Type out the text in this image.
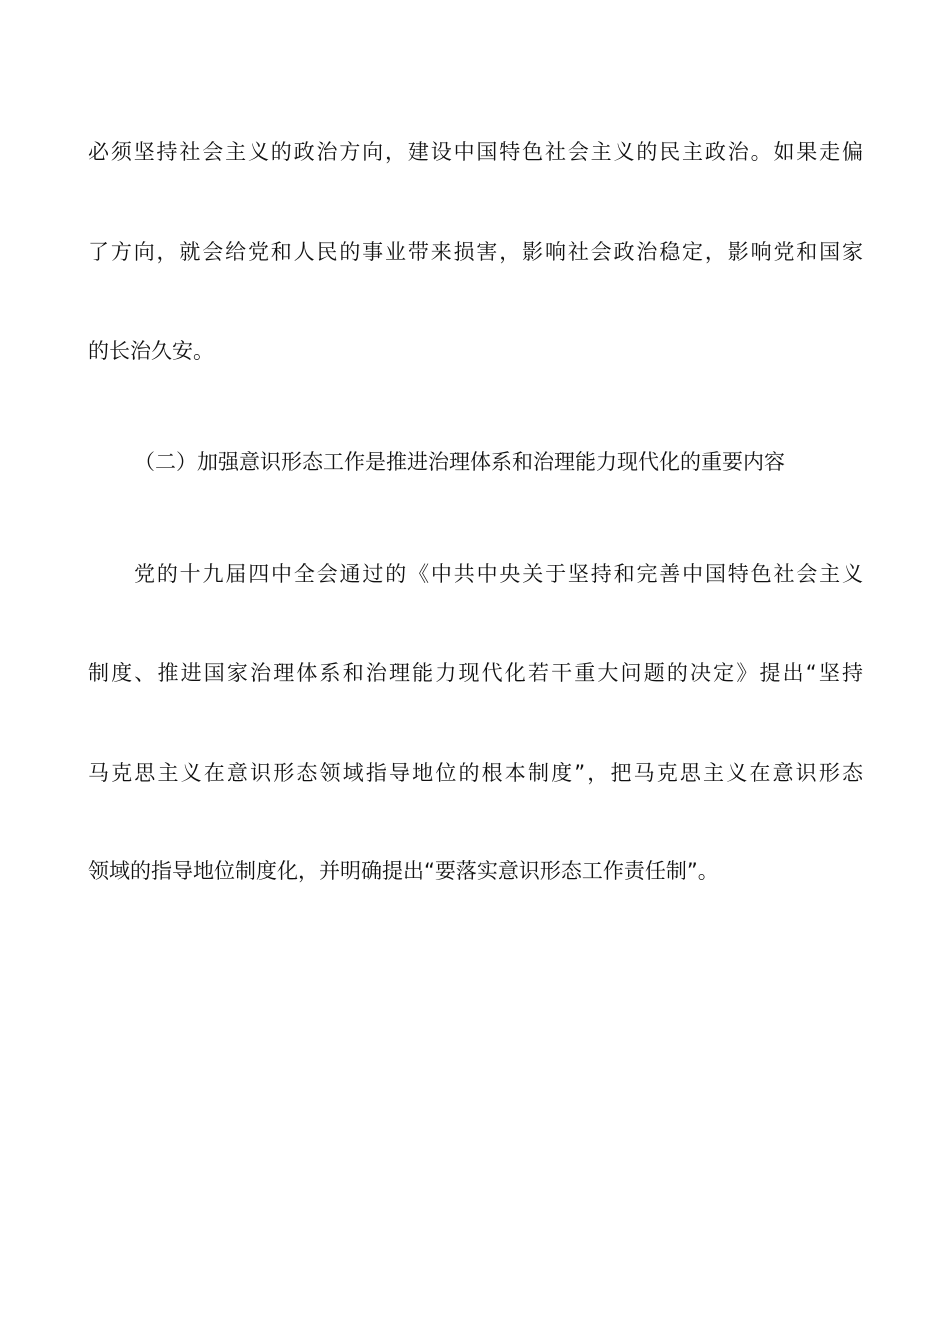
必须坚持社会主义的政治方向，建设中国特色社会主义的民主政治。如果走偏
了方向，就会给党和人民的事业带来损害，影响社会政治稳定，影响党和国家
的长治久安。
（二）加强意识形态工作是推进治理体系和治理能力现代化的重要内容
党的十九届四中全会通过的《中共中央关于坚持和完善中国特色社会主义
制度、推进国家治理体系和治理能力现代化若干重大问题的决定》提出“坚持
马克思主义在意识形态领域指导地位的根本制度”，把马克思主义在意识形态
领域的指导地位制度化，并明确提出“要落实意识形态工作责任制”。
